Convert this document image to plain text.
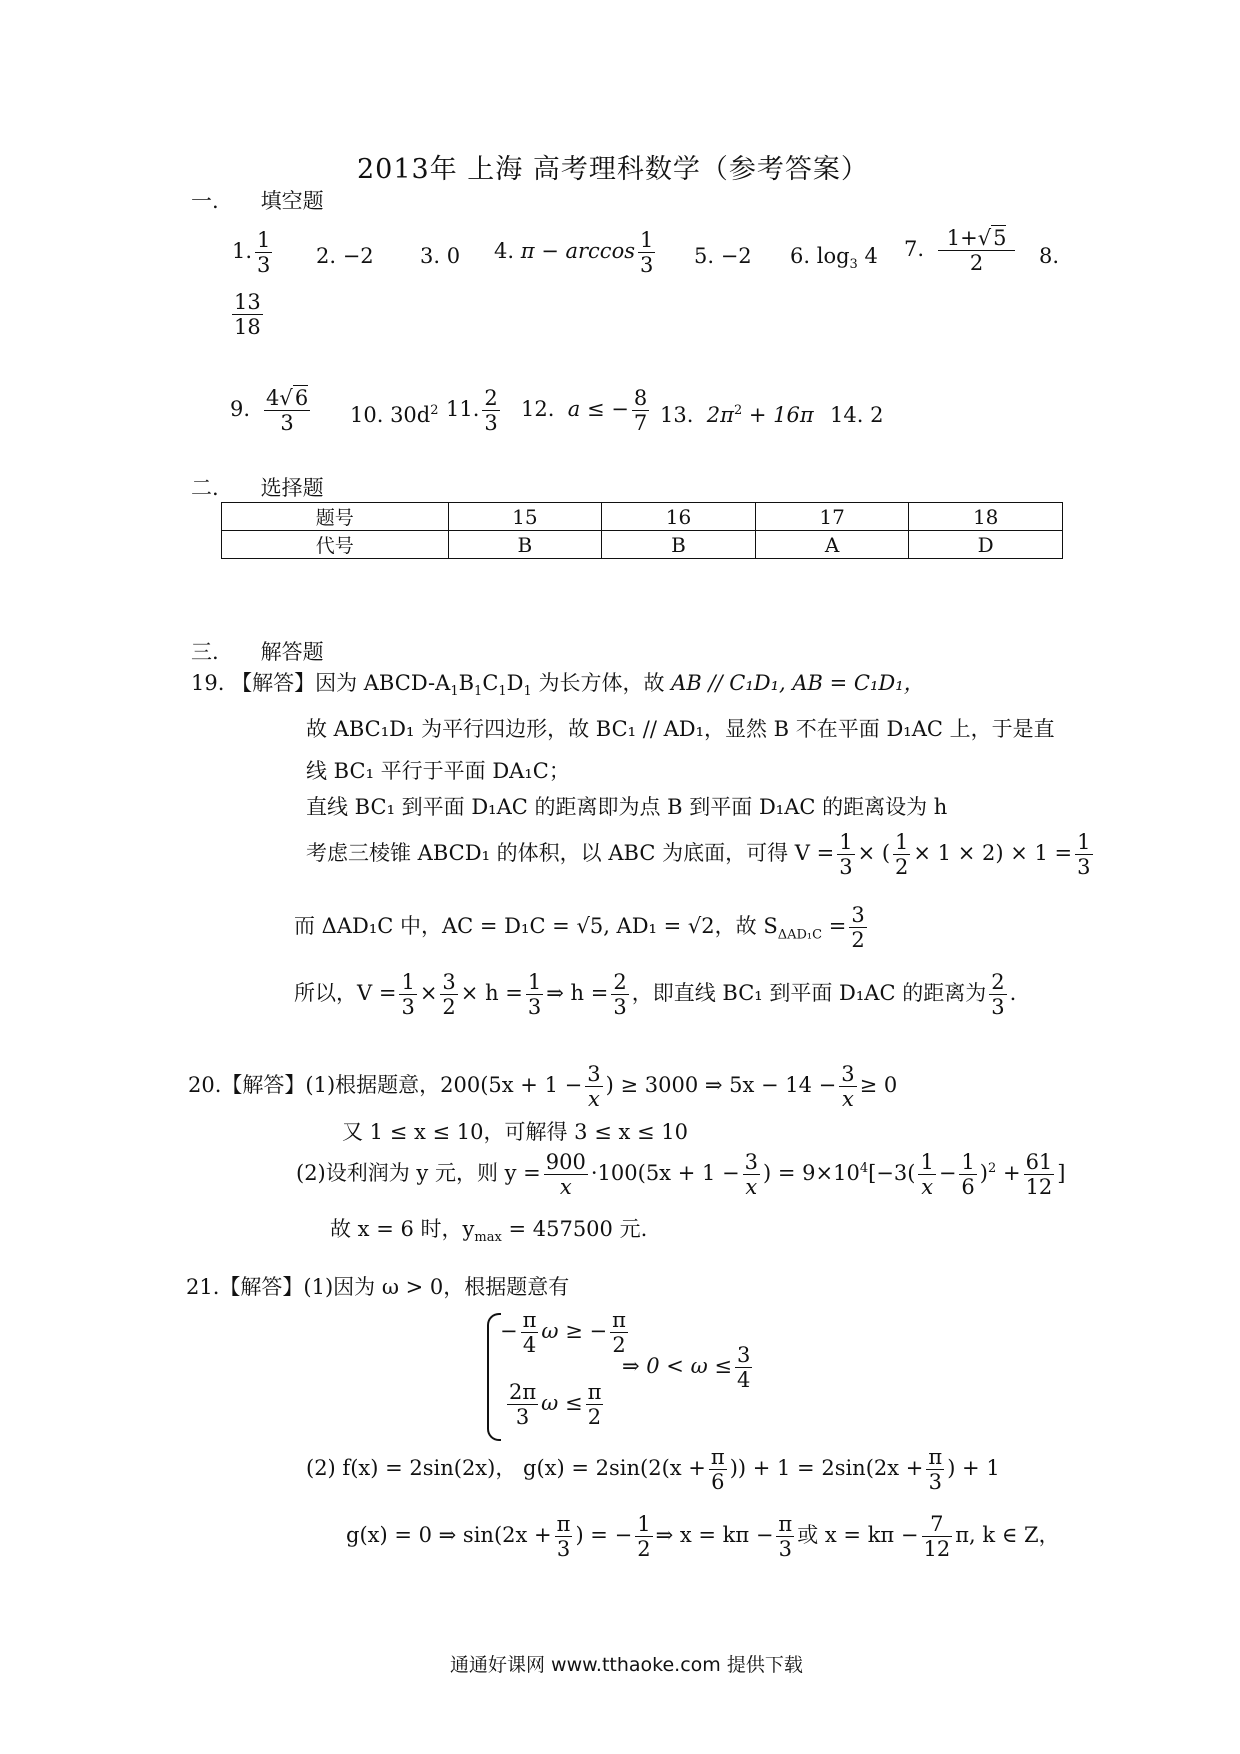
2013年 上海 高考理科数学（参考答案）
一.　　填空题
1. $\frac{1}{3} 2$. −2 3. 0 4. $\pi - \arccos \frac{1}{3} 5$. −2 6. $\log_3 4$ 7. $\frac{1+√5}{2} 8$.
$\frac{13}{18}$
9. $\frac{4√6}{3} 10$. $30d^2$ 11. $\frac{2}{3} 12$. a ≤ − $\frac{8}{7} 13$. $2\pi^2 + 16\pi$ 14. 2
二.　　选择题
题号	15	16	17	18
代号	B	B	A	D
三.　　解答题
19. 【解答】因为 ABCD-$A_1B_1C_1D_1$ 为长方体，故 AB // C₁D₁, AB = C₁D₁，
故 ABC₁D₁ 为平行四边形，故 BC₁ // AD₁，显然 B 不在平面 D₁AC 上，于是直
线 BC₁ 平行于平面 DA₁C；
直线 BC₁ 到平面 D₁AC 的距离即为点 B 到平面 D₁AC 的距离设为 h
考虑三棱锥 ABCD₁ 的体积，以 ABC 为底面，可得 $V = \frac{1}{3}$ × ( $\frac{1}{2} \times 1 \times 2) \times 1 = \frac{1}{3}$
而 ΔAD₁C 中，AC = D₁C = √5, AD₁ = √2，故 $S_{\Delta AD_1C} = \frac{3}{2}$
所以，$V = \frac{1}{3} \times \frac{3}{2} \times h = \frac{1}{3}$ ⇒ $h = \frac{2}{3}$ ，即直线 BC₁ 到平面 D₁AC 的距离为 $\frac{2}{3}$ .
20.【解答】(1)根据题意，$200(5x + 1 - \frac{3}{x}$ ) ≥ 3000 ⇒ $5x - 14 - \frac{3}{x} \ge 0$
又 1 ≤ x ≤ 10，可解得 3 ≤ x ≤ 10
(2)设利润为 y 元，则 $y = \frac{900}{x} \cdot 100(5x + 1 - \frac{3}{x}$ ) = $9\times 10^4[-3( \frac{1}{x} - \frac{1}{6} )^2 + \frac{61}{12}$ ]
故 x = 6 时，$y_{max} = 457500$ 元.
21.【解答】(1)因为 ω > 0，根据题意有
− $\frac{\pi}{4}$ ω ≥ − $\frac{\pi}{2}$
$\frac{2\pi}{3}$ $\omega \le \frac{\pi}{2}$
⇒ $0 < \omega \le \frac{3}{4}$
(2) f(x) = 2sin(2x)， $g(x) = 2\sin(2(x + \frac{\pi}{6}$ )) + $1 = 2\sin(2x + \frac{\pi}{3}$ ) + 1
g(x) = 0 ⇒ $\sin(2x + \frac{\pi}{3}$ ) = − $\frac{1}{2}$ ⇒ $x = k\pi - \frac{\pi}{3}$ 或 $x = k\pi - \frac{7}{12} \pi$, k ∈ Z，
通通好课网 www.tthaoke.com 提供下载
